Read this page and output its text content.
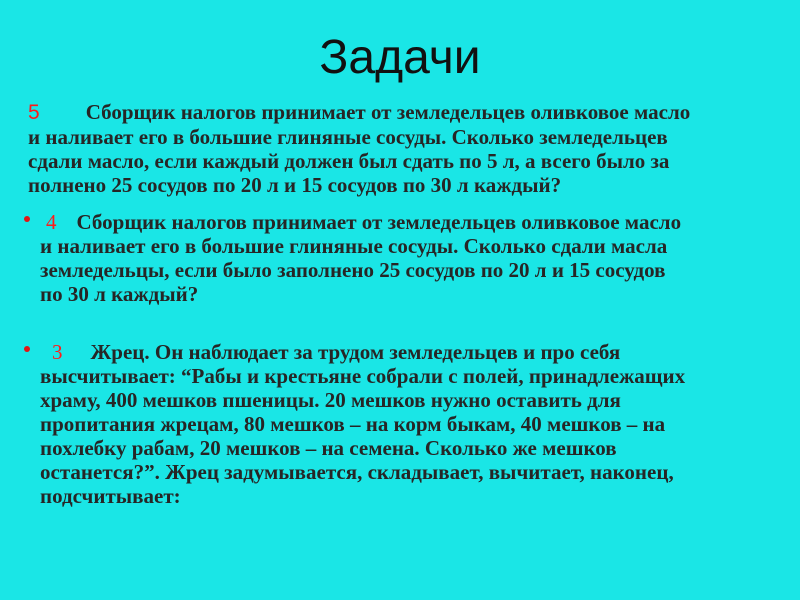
Задачи
5 Сборщик налогов принимает от земледельцев оливковое масло
и наливает его в большие глиняные сосуды. Сколько земледельцев
сдали масло, если каждый должен был сдать по 5 л, а всего было за
полнено 25 сосудов по 20 л и 15 сосудов по 30 л каждый?
4 Сборщик налогов принимает от земледельцев оливковое масло
и наливает его в большие глиняные сосуды. Сколько сдали масла
земледельцы, если было заполнено 25 сосудов по 20 л и 15 сосудов
по 30 л каждый?
3 Жрец. Он наблюдает за трудом земледельцев и про себя
высчитывает: “Рабы и крестьяне собрали с полей, принадлежащих
храму, 400 мешков пшеницы. 20 мешков нужно оставить для
пропитания жрецам, 80 мешков – на корм быкам, 40 мешков – на
похлебку рабам, 20 мешков – на семена. Сколько же мешков
останется?”. Жрец задумывается, складывает, вычитает, наконец,
подсчитывает:
